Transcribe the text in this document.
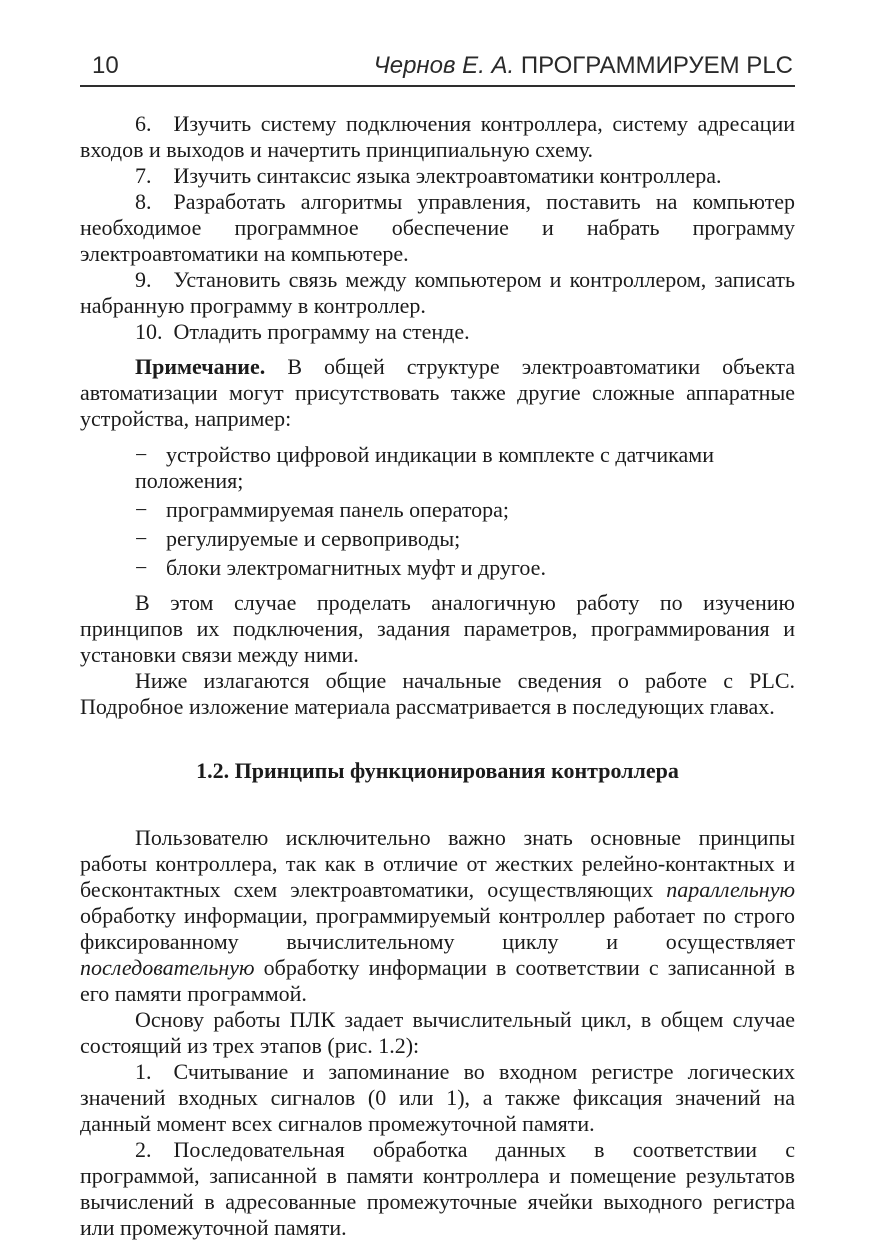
10	Чернов Е. А. ПРОГРАММИРУЕМ PLC

6. Изучить систему подключения контроллера, систему адресации входов и выходов и начертить принципиальную схему.

7. Изучить синтаксис языка электроавтоматики контроллера.

8. Разработать алгоритмы управления, поставить на компьютер необходимое программное обеспечение и набрать программу электроавтоматики на компьютере.

9. Установить связь между компьютером и контроллером, записать набранную программу в контроллер.

10. Отладить программу на стенде.

Примечание. В общей структуре электроавтоматики объекта автоматизации могут присутствовать также другие сложные аппаратные устройства, например:

− устройство цифровой индикации в комплекте с датчиками положения;
− программируемая панель оператора;
− регулируемые и сервоприводы;
− блоки электромагнитных муфт и другое.

В этом случае проделать аналогичную работу по изучению принципов их подключения, задания параметров, программирования и установки связи между ними.

Ниже излагаются общие начальные сведения о работе с PLC. Подробное изложение материала рассматривается в последующих главах.

1.2. Принципы функционирования контроллера

Пользователю исключительно важно знать основные принципы работы контроллера, так как в отличие от жестких релейно-контактных и бесконтактных схем электроавтоматики, осуществляющих параллельную обработку информации, программируемый контроллер работает по строго фиксированному вычислительному циклу и осуществляет последовательную обработку информации в соответствии с записанной в его памяти программой.

Основу работы ПЛК задает вычислительный цикл, в общем случае состоящий из трех этапов (рис. 1.2):

1. Считывание и запоминание во входном регистре логических значений входных сигналов (0 или 1), а также фиксация значений на данный момент всех сигналов промежуточной памяти.

2. Последовательная обработка данных в соответствии с программой, записанной в памяти контроллера и помещение результатов вычислений в адресованные промежуточные ячейки выходного регистра или промежуточной памяти.
